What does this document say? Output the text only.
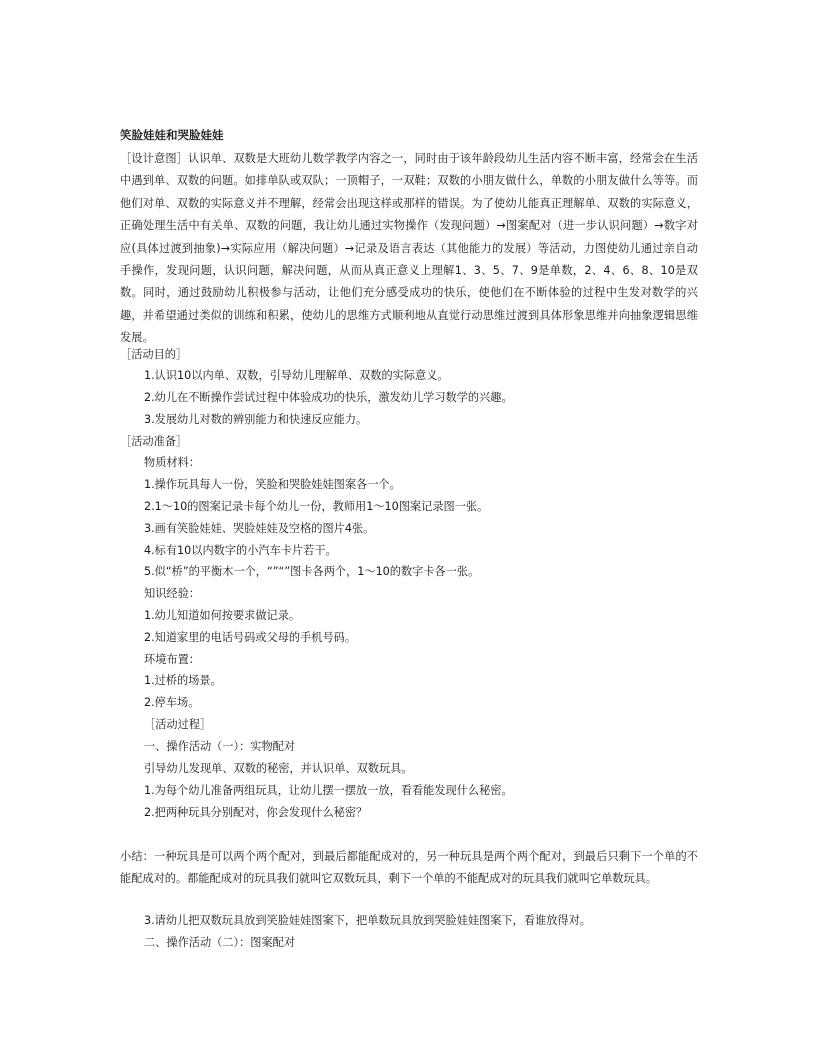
笑脸娃娃和哭脸娃娃
［设计意图］认识单、双数是大班幼儿数学教学内容之一，同时由于该年龄段幼儿生活内容不断丰富，经常会在生活中遇到单、双数的问题。如排单队或双队；一顶帽子，一双鞋；双数的小朋友做什么，单数的小朋友做什么等等。而他们对单、双数的实际意义并不理解，经常会出现这样或那样的错误。为了使幼儿能真正理解单、双数的实际意义，正确处理生活中有关单、双数的问题，我让幼儿通过实物操作（发现问题）→图案配对（进一步认识问题）→数字对应(具体过渡到抽象)→实际应用（解决问题）→记录及语言表达（其他能力的发展）等活动，力图使幼儿通过亲自动手操作，发现问题，认识问题，解决问题，从而从真正意义上理解1、3、5、7、9是单数，2、4、6、8、10是双数。同时，通过鼓励幼儿积极参与活动，让他们充分感受成功的快乐，使他们在不断体验的过程中生发对数学的兴趣，并希望通过类似的训练和积累，使幼儿的思维方式顺利地从直觉行动思维过渡到具体形象思维并向抽象逻辑思维发展。
［活动目的］
1.认识10以内单、双数，引导幼儿理解单、双数的实际意义。
2.幼儿在不断操作尝试过程中体验成功的快乐，激发幼儿学习数学的兴趣。
3.发展幼儿对数的辨别能力和快速反应能力。
［活动准备］
物质材料：
1.操作玩具每人一份，笑脸和哭脸娃娃图案各一个。
2.1～10的图案记录卡每个幼儿一份，教师用1～10图案记录图一张。
3.画有笑脸娃娃、哭脸娃娃及空格的图片4张。
4.标有10以内数字的小汽车卡片若干。
5.似“桥”的平衡木一个，“”“”图卡各两个，1～10的数字卡各一张。
知识经验：
1.幼儿知道如何按要求做记录。
2.知道家里的电话号码或父母的手机号码。
环境布置：
1.过桥的场景。
2.停车场。
［活动过程］
一、操作活动（一）：实物配对
引导幼儿发现单、双数的秘密，并认识单、双数玩具。
1.为每个幼儿准备两组玩具，让幼儿摆一摆放一放，看看能发现什么秘密。
2.把两种玩具分别配对，你会发现什么秘密？
小结：一种玩具是可以两个两个配对，到最后都能配成对的，另一种玩具是两个两个配对，到最后只剩下一个单的不能配成对的。都能配成对的玩具我们就叫它双数玩具，剩下一个单的不能配成对的玩具我们就叫它单数玩具。
3.请幼儿把双数玩具放到笑脸娃娃图案下，把单数玩具放到哭脸娃娃图案下，看谁放得对。
二、操作活动（二）：图案配对
